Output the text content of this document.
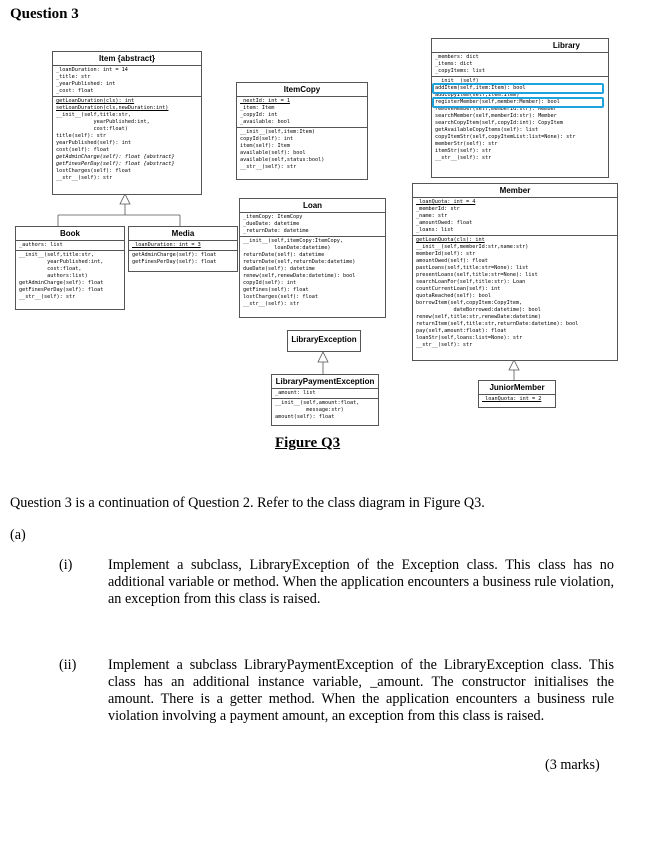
Question 3
Item {abstract}
_loanDuration: int = 14
_title: str
_yearPublished: int
_cost: float
getLoanDuration(cls): int
setLoanDuration(cls,newDuration:int)
__init__(self,title:str,
yearPublished:int,
cost:float)
title(self): str
yearPublished(self): int
cost(self): float
getAdminCharge(self): float {abstract}
getFinesPerDay(self): float {abstract}
lostCharges(self): float
__str__(self): str
ItemCopy
_nextId: int = 1
_item: Item
_copyId: int
_available: bool
__init__(self,item:Item)
copyId(self): int
item(self): Item
available(self): bool
available(self,status:bool)
__str__(self): str
Library
_members: dict
_items: dict
_copyItems: list
__init__(self)
addItem(self,item:Item): bool
addCopyItem(self,item:Item)
registerMember(self,member:Member): bool
removeMember(self,memberId:str): Member
searchMember(self,memberId:str): Member
searchCopyItem(self,copyId:int): CopyItem
getAvailableCopyItems(self): list
copyItemStr(self,copyItemList:list=None): str
memberStr(self): str
itemStr(self): str
__str__(self): str
Book
_authors: list
__init__(self,title:str,
yearPublished:int,
cost:float,
authors:list)
getAdminCharge(self): float
getFinesPerDay(self): float
__str__(self): str
Media
_loanDuration: int = 3
getAdminCharge(self): float
getFinesPerDay(self): float
Loan
_itemCopy: ItemCopy
_dueDate: datetime
_returnDate: datetime
__init__(self,itemCopy:ItemCopy,
loanDate:datetime)
returnDate(self): datetime
returnDate(self,returnDate:datetime)
dueDate(self): datetime
renew(self,renewDate:datetime): bool
copyId(self): int
getFines(self): float
lostCharges(self): float
__str__(self): str
Member
_loanQuota: int = 4
_memberId: str
_name: str
_amountOwed: float
_loans: list
getLoanQuota(cls): int
__init__(self,memberId:str,name:str)
memberId(self): str
amountOwed(self): float
pastLoans(self,title:str=None): list
presentLoans(self,title:str=None): list
searchLoanFor(self,title:str): Loan
countCurrentLoan(self): int
quotaReached(self): bool
borrowItem(self,copyItem:CopyItem,
dateBorrowed:datetime): bool
renew(self,title:str,renewDate:datetime)
returnItem(self,title:str,returnDate:datetime): bool
pay(self,amount:float): float
loanStr(self,loans:list=None): str
__str__(self): str
LibraryException
LibraryPaymentException
_amount: list
__init__(self,amount:float,
message:str)
amount(self): float
JuniorMember
_loanQuota: int = 2
Figure Q3
Question 3 is a continuation of Question 2. Refer to the class diagram in Figure Q3.
(a)
(i)	Implement a subclass, LibraryException of the Exception class. This class has no additional variable or method. When the application encounters a business rule violation, an exception from this class is raised.
(ii) Implement a subclass LibraryPaymentException of the LibraryException class. This class has an additional instance variable, _amount. The constructor initialises the amount. There is a getter method. When the application encounters a business rule violation involving a payment amount, an exception from this class is raised.
(3 marks)
